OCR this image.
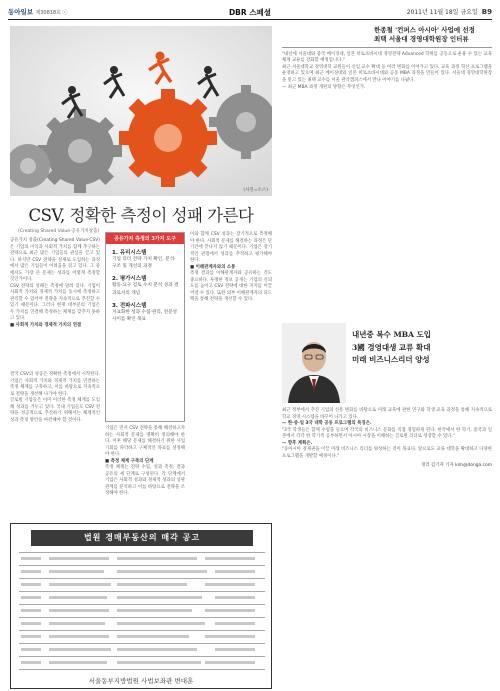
동아일보 제30818호 ⓒ	DBR 스페셜	2011년 11월 18일 금요일 B9
(사진=소스)
한종철 '컨퍼스 아시아' 사업에 선정
최택 서울대 경영대학원장 인터뷰

"내년에 서울대와 중국 베이징대, 일본 히토츠바시대 경영전략 Advanced 학위를 공동으로 운용 수 있는 교육 체계 교류를 강화할 예정입니다."

최근 서울대학교 경영대학 교원들이 신임 교수 확대 등 여러 변화를 이어가고 있다. 교육 과정 혁신 프로그램을 운영하고 있으며 최근 베이징대와 일본 히토츠바시대와 공동 MBA 과정을 만들어 있다. 서울대 경영대학원장을 맡고 있는 최택 교수를 서울 관악캠퍼스에서 만나 이야기를 나눴다.

— 최근 MBA 과정 개편의 방향은 무엇인가.

CSV, 정확한 측정이 성패 가른다
(Creating Shared Value·공유가치창출)

공유가치 창출(Creating Shared Value·CSV)은 기업의 이익과 사회적 가치를 함께 추구하는 전략으로 최근 많은 기업들의 관심을 끌고 있다. 하지만 CSV 전략을 실제로 도입하는 과정에서 많은 기업들이 어려움을 겪고 있다. 그 중에서도 가장 큰 문제는 성과를 어떻게 측정할 것인가이다.

CSV 전략의 성패는 측정에 달려 있다. 기업이 사회적 가치와 경제적 가치를 동시에 측정하고 관리할 수 있어야 전략을 지속적으로 추진할 수 있기 때문이다. 그러나 현재 대부분의 기업은 두 가치를 연결해 측정하는 체계를 갖추지 못하고 있다.

■ 사회적 가치와 경제적 가치의 연결

공유가치 측정의 3가지 도구
1. 유리시스템
기업 리더 전략 가치 확인, 분석·구조 및 개선의 과정
2. 평가시스템
활동·요구 검토 수치 분석 성과 결과로서의 개념
3. 전파시스템
지표화한 성과 수집·관리, 전문성 사이를 확인 목표

기업은 먼저 CSV 전략을 통해 해결하고자 하는 사회적 문제를 명확히 정의해야 한다. 이후 해당 문제를 해결하기 위한 사업 기회를 파악하고 구체적인 목표를 설정해야 한다.

■ 측정 체계 구축의 단계

측정 체계는 전략 수립, 성과 측정, 결과 공유의 세 단계로 구성된다. 각 단계에서 기업은 사회적 성과와 경제적 성과의 상관관계를 분석하고 이를 바탕으로 전략을 조정해야 한다.

이와 함께 CSV 성과는 장기적으로 측정해야 한다. 사회적 문제를 해결하는 과정은 단기간에 끝나지 않기 때문이다. 기업은 장기적인 관점에서 성과를 추적하고 평가해야 한다.

■ 이해관계자와의 소통

측정 결과를 이해관계자와 공유하는 것도 중요하다. 투명한 정보 공개는 기업의 신뢰도를 높이고 CSV 전략에 대한 지지를 이끌어낼 수 있다. 또한 외부 이해관계자의 피드백을 통해 전략을 개선할 수 있다.

결국 CSV의 성공은 정확한 측정에서 시작된다. 기업은 사회적 가치와 경제적 가치를 연결하는 측정 체계를 구축하고, 이를 바탕으로 지속적으로 전략을 개선해 나가야 한다.

글로벌 기업들은 이미 이러한 측정 체계를 도입해 성과를 거두고 있다. 국내 기업들도 CSV 전략을 성공적으로 추진하기 위해서는 체계적인 성과 측정 방안을 마련해야 할 것이다.

내년중 복수 MBA 도입
3國 경영대생 교류 확대
미래 비즈니스리더 양성

최근 정부에서 추진 기업의 신흥 변화를 바탕으로 미래 교육에 관한 연구와 학생 교육 과정을 통해 지속적으로 학교 경영 시스템을 바꾸어 나가고 있다.

— 한·중·일 3국 대학 공동 프로그램의 특징은.

"3국 학생들은 함께 수업을 들으며 각국의 비즈니스 문화를 직접 경험하게 된다. 한국에서 한 학기, 중국과 일본에서 각각 한 학기씩 공부하면서 아시아 시장을 이해하는 글로벌 리더로 성장할 수 있다."

— 향후 계획은.

"동아시아 경제권을 이끌 미래 비즈니스 리더를 양성하는 것이 목표다. 앞으로도 교류 대학을 확대하고 다양한 프로그램을 개발할 예정이다."

정리 김기자 기자 kim@donga.com

법원 경매부동산의 매각 공고
서울동부지방법원 사법보좌관 변대훈
